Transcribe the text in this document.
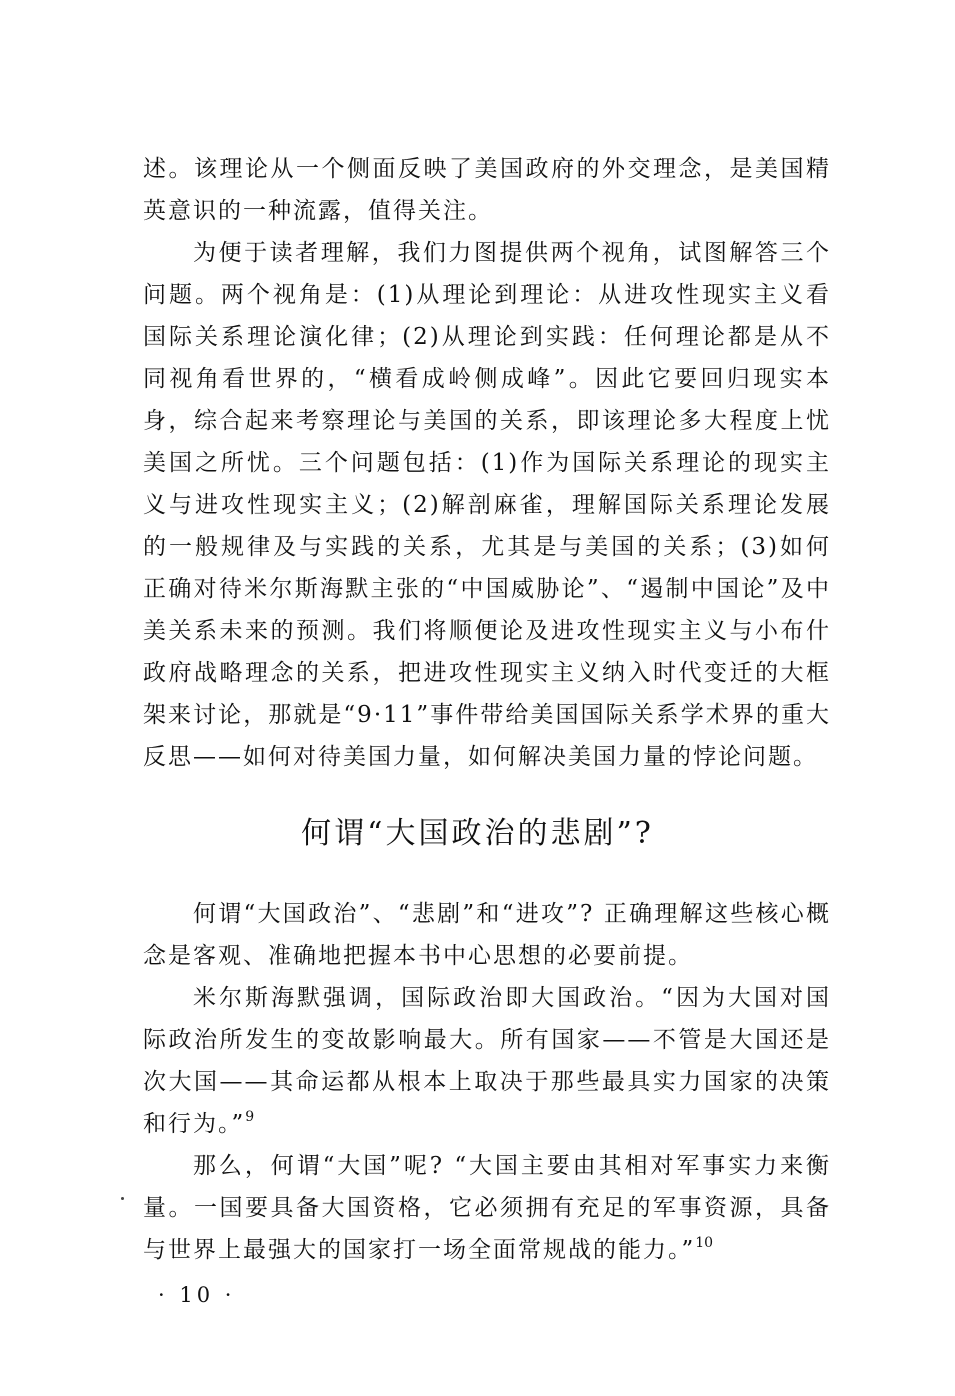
述。该理论从一个侧面反映了美国政府的外交理念，是美国精英意识的一种流露，值得关注。

为便于读者理解，我们力图提供两个视角，试图解答三个问题。两个视角是：(1)从理论到理论：从进攻性现实主义看国际关系理论演化律；(2)从理论到实践：任何理论都是从不同视角看世界的，“横看成岭侧成峰”。因此它要回归现实本身，综合起来考察理论与美国的关系，即该理论多大程度上忧美国之所忧。三个问题包括：(1)作为国际关系理论的现实主义与进攻性现实主义；(2)解剖麻雀，理解国际关系理论发展的一般规律及与实践的关系，尤其是与美国的关系；(3)如何正确对待米尔斯海默主张的“中国威胁论”、“遏制中国论”及中美关系未来的预测。我们将顺便论及进攻性现实主义与小布什政府战略理念的关系，把进攻性现实主义纳入时代变迁的大框架来讨论，那就是“9·11”事件带给美国国际关系学术界的重大反思——如何对待美国力量，如何解决美国力量的悖论问题。

何谓“大国政治的悲剧”?

何谓“大国政治”、“悲剧”和“进攻”? 正确理解这些核心概念是客观、准确地把握本书中心思想的必要前提。

米尔斯海默强调，国际政治即大国政治。“因为大国对国际政治所发生的变故影响最大。所有国家——不管是大国还是次大国——其命运都从根本上取决于那些最具实力国家的决策和行为。”$^9$

那么，何谓“大国”呢? “大国主要由其相对军事实力来衡量。一国要具备大国资格，它必须拥有充足的军事资源，具备与世界上最强大的国家打一场全面常规战的能力。”$^{10}$

· 10 ·
